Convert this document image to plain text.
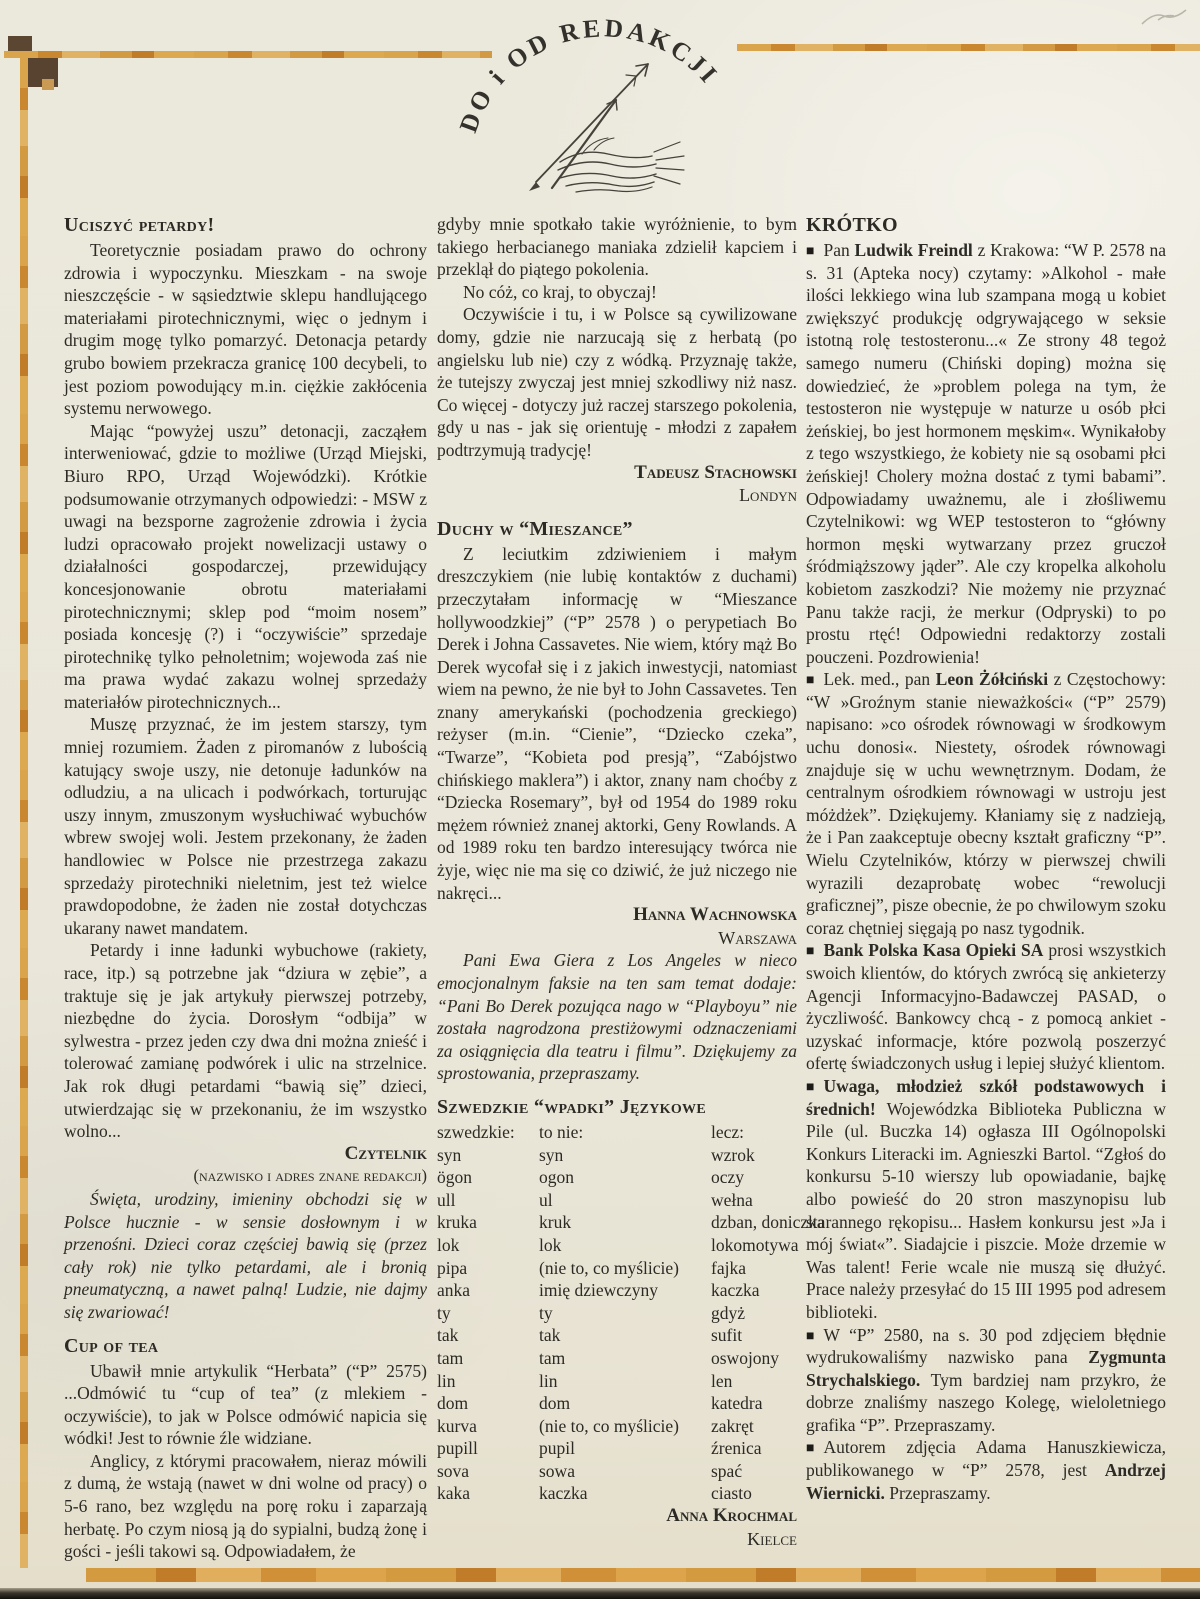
DO i OD REDAKCJI
Uciszyć petardy!

Teoretycznie posiadam prawo do ochrony zdrowia i wypoczynku. Mieszkam - na swoje nieszczęście - w sąsiedztwie sklepu handlującego materiałami pirotechnicznymi, więc o jednym i drugim mogę tylko pomarzyć. Detonacja petardy grubo bowiem przekracza granicę 100 decybeli, to jest poziom powodujący m.in. ciężkie zakłócenia systemu nerwowego.

Mając “powyżej uszu” detonacji, zacząłem interweniować, gdzie to możliwe (Urząd Miejski, Biuro RPO, Urząd Wojewódzki). Krótkie podsumowanie otrzymanych odpowiedzi: - MSW z uwagi na bezsporne zagrożenie zdrowia i życia ludzi opracowało projekt nowelizacji ustawy o działalności gospodarczej, przewidujący koncesjonowanie obrotu materiałami pirotechnicznymi; sklep pod “moim nosem” posiada koncesję (?) i “oczywiście” sprzedaje pirotechnikę tylko pełnoletnim; wojewoda zaś nie ma prawa wydać zakazu wolnej sprzedaży materiałów pirotechnicznych...

Muszę przyznać, że im jestem starszy, tym mniej rozumiem. Żaden z piromanów z lubością katujący swoje uszy, nie detonuje ładunków na odludziu, a na ulicach i podwórkach, torturując uszy innym, zmuszonym wysłuchiwać wybuchów wbrew swojej woli. Jestem przekonany, że żaden handlowiec w Polsce nie przestrzega zakazu sprzedaży pirotechniki nieletnim, jest też wielce prawdopodobne, że żaden nie został dotychczas ukarany nawet mandatem.

Petardy i inne ładunki wybuchowe (rakiety, race, itp.) są potrzebne jak “dziura w zębie”, a traktuje się je jak artykuły pierwszej potrzeby, niezbędne do życia. Dorosłym “odbija” w sylwestra - przez jeden czy dwa dni można znieść i tolerować zamianę podwórek i ulic na strzelnice. Jak rok długi petardami “bawią się” dzieci, utwierdzając się w przekonaniu, że im wszystko wolno...

Czytelnik

(nazwisko i adres znane redakcji)

Święta, urodziny, imieniny obchodzi się w Polsce hucznie - w sensie dosłownym i w przenośni. Dzieci coraz częściej bawią się (przez cały rok) nie tylko petardami, ale i bronią pneumatyczną, a nawet palną! Ludzie, nie dajmy się zwariować!

Cup of tea

Ubawił mnie artykulik “Herbata” (“P” 2575) ...Odmówić tu “cup of tea” (z mlekiem - oczywiście), to jak w Polsce odmówić napicia się wódki! Jest to równie źle widziane.

Anglicy, z którymi pracowałem, nieraz mówili z dumą, że wstają (nawet w dni wolne od pracy) o 5-6 rano, bez względu na porę roku i zaparzają herbatę. Po czym niosą ją do sypialni, budzą żonę i gości - jeśli takowi są. Odpowiadałem, że

gdyby mnie spotkało takie wyróżnienie, to bym takiego herbacianego maniaka zdzielił kapciem i przeklął do piątego pokolenia.

No cóż, co kraj, to obyczaj!

Oczywiście i tu, i w Polsce są cywilizowane domy, gdzie nie narzucają się z herbatą (po angielsku lub nie) czy z wódką. Przyznaję także, że tutejszy zwyczaj jest mniej szkodliwy niż nasz. Co więcej - dotyczy już raczej starszego pokolenia, gdy u nas - jak się orientuję - młodzi z zapałem podtrzymują tradycję!

Tadeusz Stachowski

Londyn

Duchy w “Mieszance”

Z leciutkim zdziwieniem i małym dreszczykiem (nie lubię kontaktów z duchami) przeczytałam informację w “Mieszance hollywoodzkiej” (“P” 2578 ) o perypetiach Bo Derek i Johna Cassavetes. Nie wiem, który mąż Bo Derek wycofał się i z jakich inwestycji, natomiast wiem na pewno, że nie był to John Cassavetes. Ten znany amerykański (pochodzenia greckiego) reżyser (m.in. “Cienie”, “Dziecko czeka”, “Twarze”, “Kobieta pod presją”, “Zabójstwo chińskiego maklera”) i aktor, znany nam choćby z “Dziecka Rosemary”, był od 1954 do 1989 roku mężem również znanej aktorki, Geny Rowlands. A od 1989 roku ten bardzo interesujący twórca nie żyje, więc nie ma się co dziwić, że już niczego nie nakręci...

Hanna Wachnowska

Warszawa

Pani Ewa Giera z Los Angeles w nieco emocjonalnym faksie na ten sam temat dodaje: “Pani Bo Derek pozująca nago w “Playboyu” nie została nagrodzona prestiżowymi odznaczeniami za osiągnięcia dla teatru i filmu”. Dziękujemy za sprostowania, przepraszamy.

Szwedzkie “wpadki” Językowe
szwedzkie:	to nie:	lecz:
syn	syn	wzrok
ögon	ogon	oczy
ull	ul	wełna
kruka	kruk	dzban, doniczka
lok	lok	lokomotywa
pipa	(nie to, co myślicie)	fajka
anka	imię dziewczyny	kaczka
ty	ty	gdyż
tak	tak	sufit
tam	tam	oswojony
lin	lin	len
dom	dom	katedra
kurva	(nie to, co myślicie)	zakręt
pupill	pupil	źrenica
sova	sowa	spać
kaka	kaczka	ciasto

Anna Krochmal

Kielce

KRÓTKO

■ Pan Ludwik Freindl z Krakowa: “W P. 2578 na s. 31 (Apteka nocy) czytamy: »Alkohol - małe ilości lekkiego wina lub szampana mogą u kobiet zwiększyć produkcję odgrywającego w seksie istotną rolę testosteronu...« Ze strony 48 tegoż samego numeru (Chiński doping) można się dowiedzieć, że »problem polega na tym, że testosteron nie występuje w naturze u osób płci żeńskiej, bo jest hormonem męskim«. Wynikałoby z tego wszystkiego, że kobiety nie są osobami płci żeńskiej! Cholery można dostać z tymi babami”. Odpowiadamy uważnemu, ale i złośliwemu Czytelnikowi: wg WEP testosteron to “główny hormon męski wytwarzany przez gruczoł śródmiąższowy jąder”. Ale czy kropelka alkoholu kobietom zaszkodzi? Nie możemy nie przyznać Panu także racji, że merkur (Odpryski) to po prostu rtęć! Odpowiedni redaktorzy zostali pouczeni. Pozdrowienia!

■ Lek. med., pan Leon Żółciński z Częstochowy: “W »Groźnym stanie nieważkości« (“P” 2579) napisano: »co ośrodek równowagi w środkowym uchu donosi«. Niestety, ośrodek równowagi znajduje się w uchu wewnętrznym. Dodam, że centralnym ośrodkiem równowagi w ustroju jest móżdżek”. Dziękujemy. Kłaniamy się z nadzieją, że i Pan zaakceptuje obecny kształt graficzny “P”. Wielu Czytelników, którzy w pierwszej chwili wyrazili dezaprobatę wobec “rewolucji graficznej”, pisze obecnie, że po chwilowym szoku coraz chętniej sięgają po nasz tygodnik.

■ Bank Polska Kasa Opieki SA prosi wszystkich swoich klientów, do których zwrócą się ankieterzy Agencji Informacyjno-Badawczej PASAD, o życzliwość. Bankowcy chcą - z pomocą ankiet - uzyskać informacje, które pozwolą poszerzyć ofertę świadczonych usług i lepiej służyć klientom.

■ Uwaga, młodzież szkół podstawowych i średnich! Wojewódzka Biblioteka Publiczna w Pile (ul. Buczka 14) ogłasza III Ogólnopolski Konkurs Literacki im. Agnieszki Bartol. “Zgłoś do konkursu 5-10 wierszy lub opowiadanie, bajkę albo powieść do 20 stron maszynopisu lub starannego rękopisu... Hasłem konkursu jest »Ja i mój świat«”. Siadajcie i piszcie. Może drzemie w Was talent! Ferie wcale nie muszą się dłużyć. Prace należy przesyłać do 15 III 1995 pod adresem biblioteki.

■ W “P” 2580, na s. 30 pod zdjęciem błędnie wydrukowaliśmy nazwisko pana Zygmunta Strychalskiego. Tym bardziej nam przykro, że dobrze znaliśmy naszego Kolegę, wieloletniego grafika “P”. Przepraszamy.

■ Autorem zdjęcia Adama Hanuszkiewicza, publikowanego w “P” 2578, jest Andrzej Wiernicki. Przepraszamy.
